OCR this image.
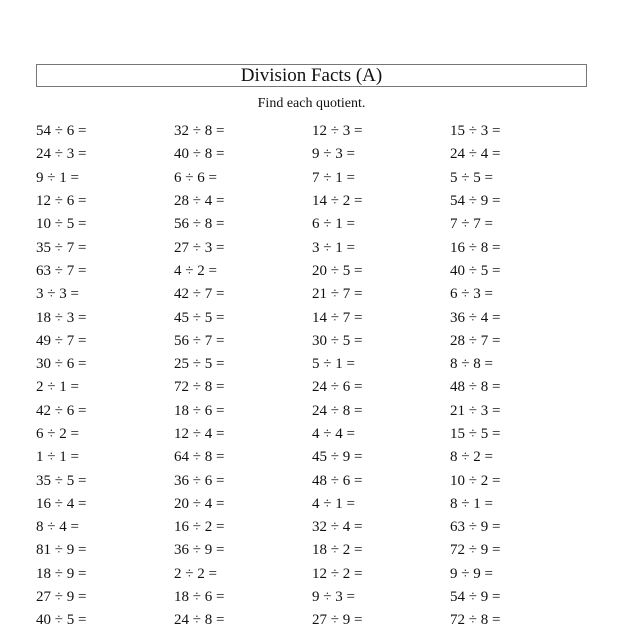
Division Facts (A)
Find each quotient.
54 ÷ 6 =	32 ÷ 8 =	12 ÷ 3 =	15 ÷ 3 =
24 ÷ 3 =	40 ÷ 8 =	9 ÷ 3 =	24 ÷ 4 =
9 ÷ 1 =	6 ÷ 6 =	7 ÷ 1 =	5 ÷ 5 =
12 ÷ 6 =	28 ÷ 4 =	14 ÷ 2 =	54 ÷ 9 =
10 ÷ 5 =	56 ÷ 8 =	6 ÷ 1 =	7 ÷ 7 =
35 ÷ 7 =	27 ÷ 3 =	3 ÷ 1 =	16 ÷ 8 =
63 ÷ 7 =	4 ÷ 2 =	20 ÷ 5 =	40 ÷ 5 =
3 ÷ 3 =	42 ÷ 7 =	21 ÷ 7 =	6 ÷ 3 =
18 ÷ 3 =	45 ÷ 5 =	14 ÷ 7 =	36 ÷ 4 =
49 ÷ 7 =	56 ÷ 7 =	30 ÷ 5 =	28 ÷ 7 =
30 ÷ 6 =	25 ÷ 5 =	5 ÷ 1 =	8 ÷ 8 =
2 ÷ 1 =	72 ÷ 8 =	24 ÷ 6 =	48 ÷ 8 =
42 ÷ 6 =	18 ÷ 6 =	24 ÷ 8 =	21 ÷ 3 =
6 ÷ 2 =	12 ÷ 4 =	4 ÷ 4 =	15 ÷ 5 =
1 ÷ 1 =	64 ÷ 8 =	45 ÷ 9 =	8 ÷ 2 =
35 ÷ 5 =	36 ÷ 6 =	48 ÷ 6 =	10 ÷ 2 =
16 ÷ 4 =	20 ÷ 4 =	4 ÷ 1 =	8 ÷ 1 =
8 ÷ 4 =	16 ÷ 2 =	32 ÷ 4 =	63 ÷ 9 =
81 ÷ 9 =	36 ÷ 9 =	18 ÷ 2 =	72 ÷ 9 =
18 ÷ 9 =	2 ÷ 2 =	12 ÷ 2 =	9 ÷ 9 =
27 ÷ 9 =	18 ÷ 6 =	9 ÷ 3 =	54 ÷ 9 =
40 ÷ 5 =	24 ÷ 8 =	27 ÷ 9 =	72 ÷ 8 =
